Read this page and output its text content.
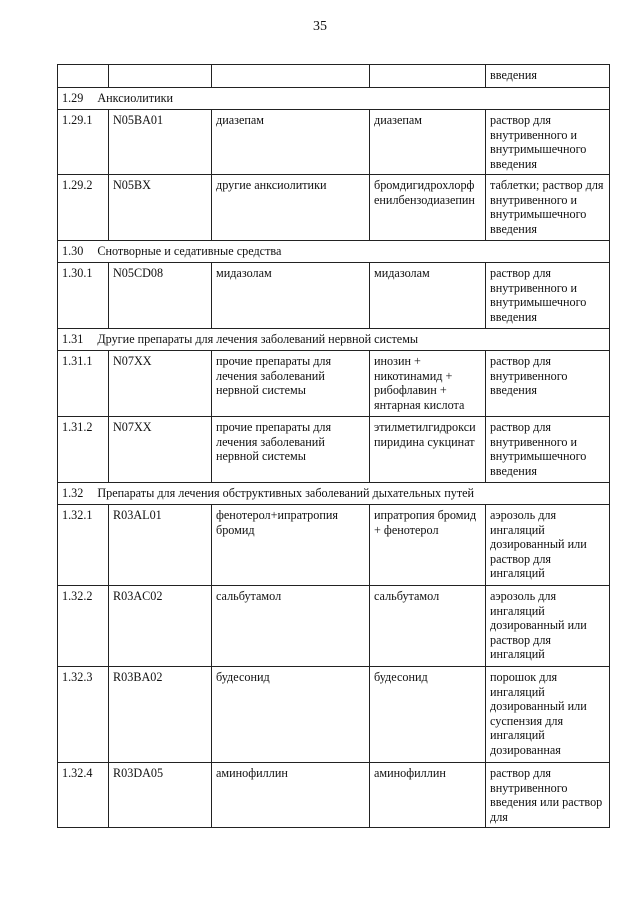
35
				введения
1.29 Анксиолитики				
1.29.1	N05BA01	диазепам	диазепам	раствор для внутривенного и внутримышечного введения
1.29.2	N05BX	другие анксиолитики	бромдигидрохлорф енилбензодиазепин	таблетки; раствор для внутривенного и внутримышечного введения
1.30 Снотворные и седативные средства				
1.30.1	N05CD08	мидазолам	мидазолам	раствор для внутривенного и внутримышечного введения
1.31 Другие препараты для лечения заболеваний нервной системы				
1.31.1	N07XX	прочие препараты для лечения заболеваний нервной системы	инозин + никотинамид + рибофлавин + янтарная кислота	раствор для внутривенного введения
1.31.2	N07XX	прочие препараты для лечения заболеваний нервной системы	этилметилгидрокси пиридина сукцинат	раствор для внутривенного и внутримышечного введения
1.32 Препараты для лечения обструктивных заболеваний дыхательных путей				
1.32.1	R03AL01	фенотерол+ипратропия бромид	ипратропия бромид + фенотерол	аэрозоль для ингаляций дозированный или раствор для ингаляций
1.32.2	R03AC02	сальбутамол	сальбутамол	аэрозоль для ингаляций дозированный или раствор для ингаляций
1.32.3	R03BA02	будесонид	будесонид	порошок для ингаляций дозированный или суспензия для ингаляций дозированная
1.32.4	R03DA05	аминофиллин	аминофиллин	раствор для внутривенного введения или раствор для
